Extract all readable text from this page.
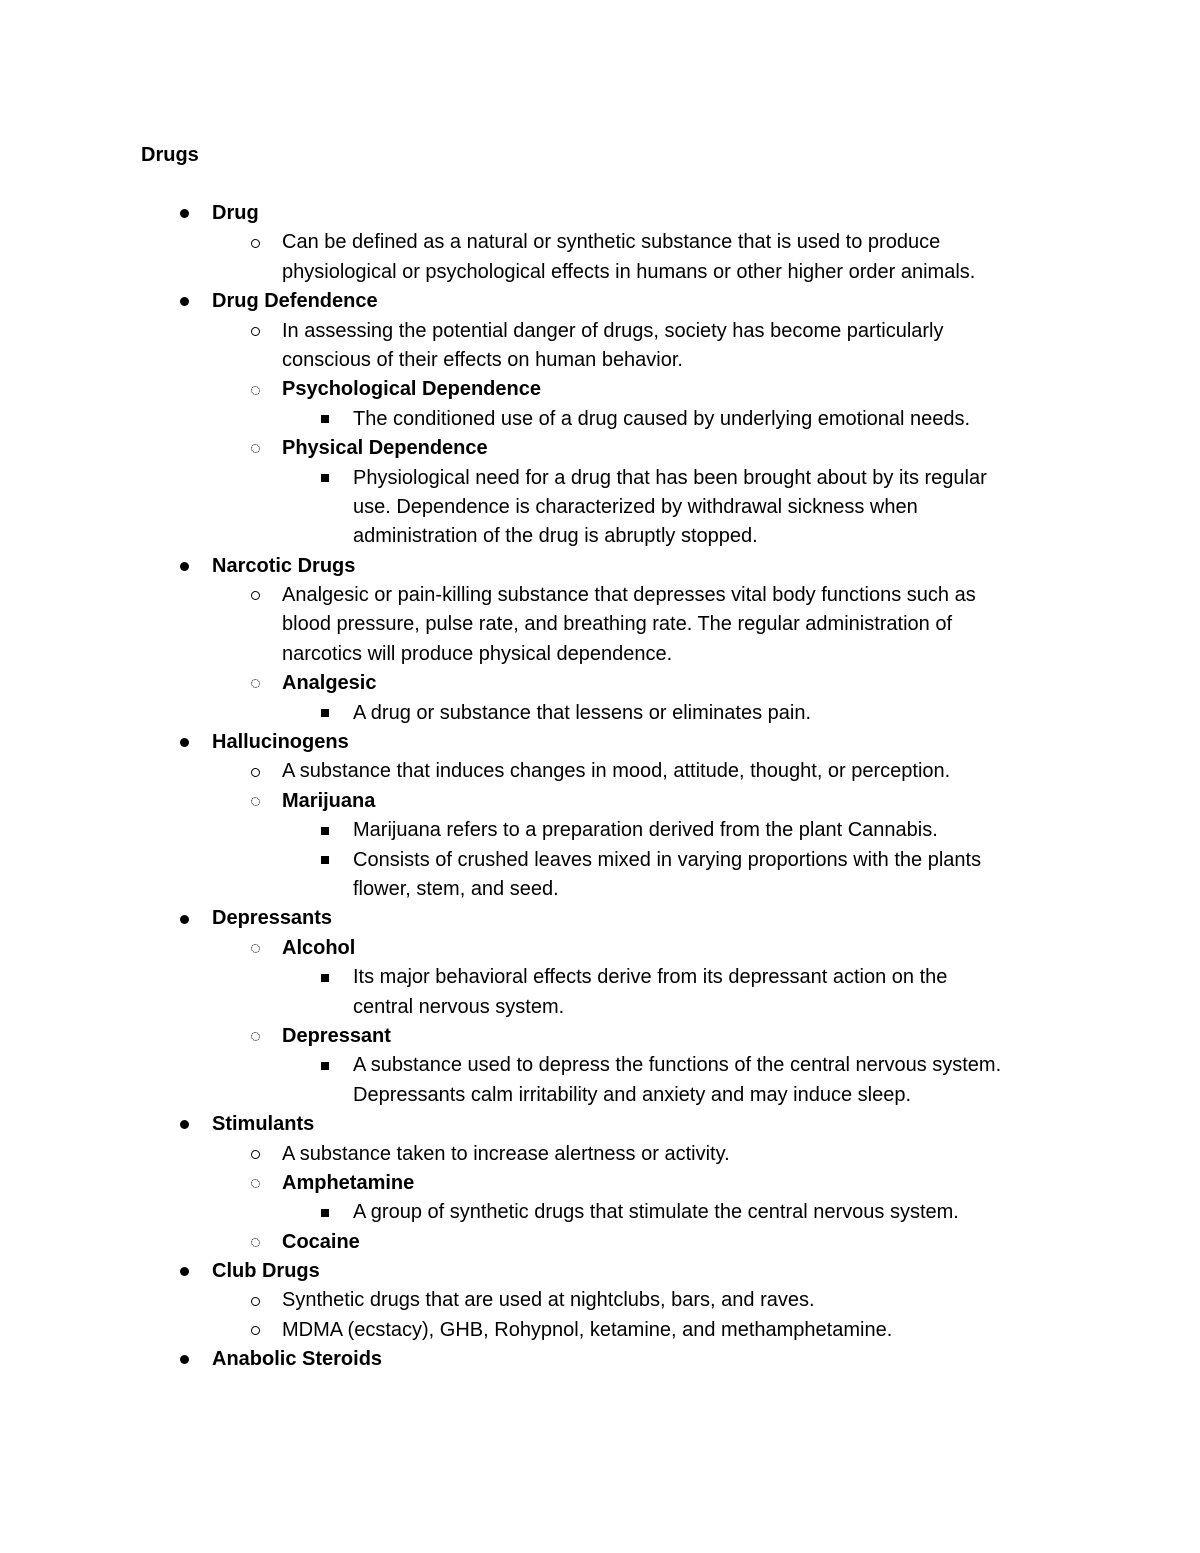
Drugs
Drug
Can be defined as a natural or synthetic substance that is used to produce
physiological or psychological effects in humans or other higher order animals.
Drug Defendence
In assessing the potential danger of drugs, society has become particularly
conscious of their effects on human behavior.
Psychological Dependence
The conditioned use of a drug caused by underlying emotional needs.
Physical Dependence
Physiological need for a drug that has been brought about by its regular
use. Dependence is characterized by withdrawal sickness when
administration of the drug is abruptly stopped.
Narcotic Drugs
Analgesic or pain-killing substance that depresses vital body functions such as
blood pressure, pulse rate, and breathing rate. The regular administration of
narcotics will produce physical dependence.
Analgesic
A drug or substance that lessens or eliminates pain.
Hallucinogens
A substance that induces changes in mood, attitude, thought, or perception.
Marijuana
Marijuana refers to a preparation derived from the plant Cannabis.
Consists of crushed leaves mixed in varying proportions with the plants
flower, stem, and seed.
Depressants
Alcohol
Its major behavioral effects derive from its depressant action on the
central nervous system.
Depressant
A substance used to depress the functions of the central nervous system.
Depressants calm irritability and anxiety and may induce sleep.
Stimulants
A substance taken to increase alertness or activity.
Amphetamine
A group of synthetic drugs that stimulate the central nervous system.
Cocaine
Club Drugs
Synthetic drugs that are used at nightclubs, bars, and raves.
MDMA (ecstacy), GHB, Rohypnol, ketamine, and methamphetamine.
Anabolic Steroids
